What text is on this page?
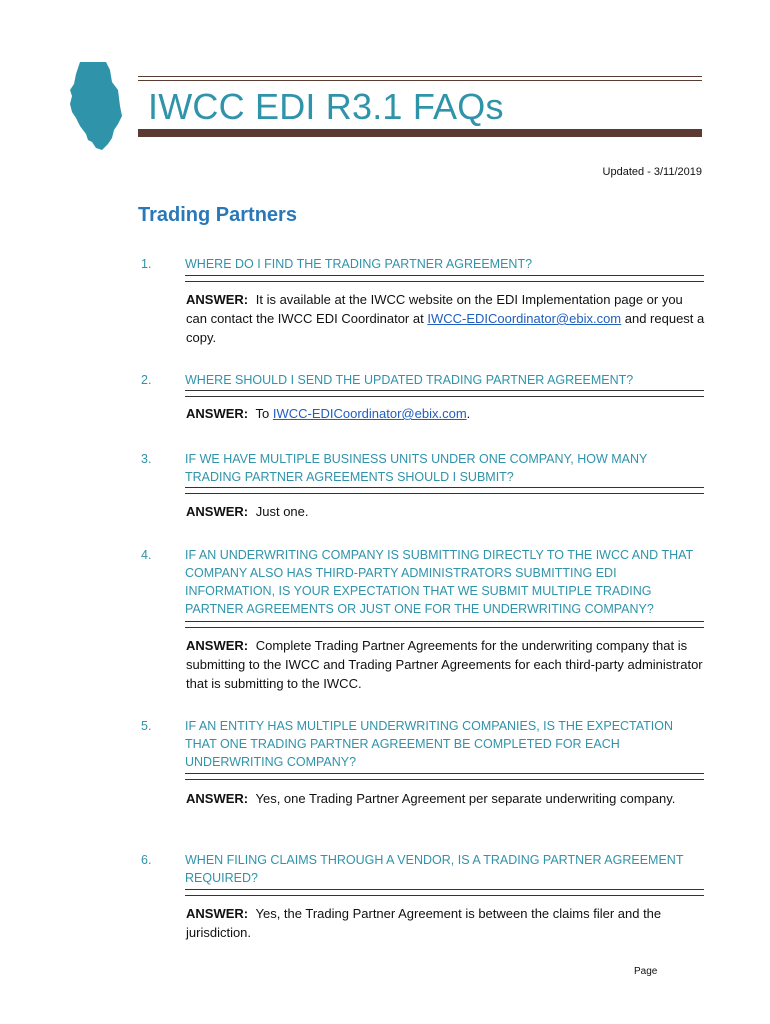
IWCC EDI R3.1 FAQs
Updated - 3/11/2019
Trading Partners
1.	WHERE DO I FIND THE TRADING PARTNER AGREEMENT?
ANSWER: It is available at the IWCC website on the EDI Implementation page or you can contact the IWCC EDI Coordinator at IWCC-EDICoordinator@ebix.com and request a copy.
2.	WHERE SHOULD I SEND THE UPDATED TRADING PARTNER AGREEMENT?
ANSWER: To IWCC-EDICoordinator@ebix.com.
3.	IF WE HAVE MULTIPLE BUSINESS UNITS UNDER ONE COMPANY, HOW MANY TRADING PARTNER AGREEMENTS SHOULD I SUBMIT?
ANSWER: Just one.
4.	IF AN UNDERWRITING COMPANY IS SUBMITTING DIRECTLY TO THE IWCC AND THAT COMPANY ALSO HAS THIRD-PARTY ADMINISTRATORS SUBMITTING EDI INFORMATION, IS YOUR EXPECTATION THAT WE SUBMIT MULTIPLE TRADING PARTNER AGREEMENTS OR JUST ONE FOR THE UNDERWRITING COMPANY?
ANSWER: Complete Trading Partner Agreements for the underwriting company that is submitting to the IWCC and Trading Partner Agreements for each third-party administrator that is submitting to the IWCC.
5.	IF AN ENTITY HAS MULTIPLE UNDERWRITING COMPANIES, IS THE EXPECTATION THAT ONE TRADING PARTNER AGREEMENT BE COMPLETED FOR EACH UNDERWRITING COMPANY?
ANSWER: Yes, one Trading Partner Agreement per separate underwriting company.
6.	WHEN FILING CLAIMS THROUGH A VENDOR, IS A TRADING PARTNER AGREEMENT REQUIRED?
ANSWER: Yes, the Trading Partner Agreement is between the claims filer and the jurisdiction.
Page
